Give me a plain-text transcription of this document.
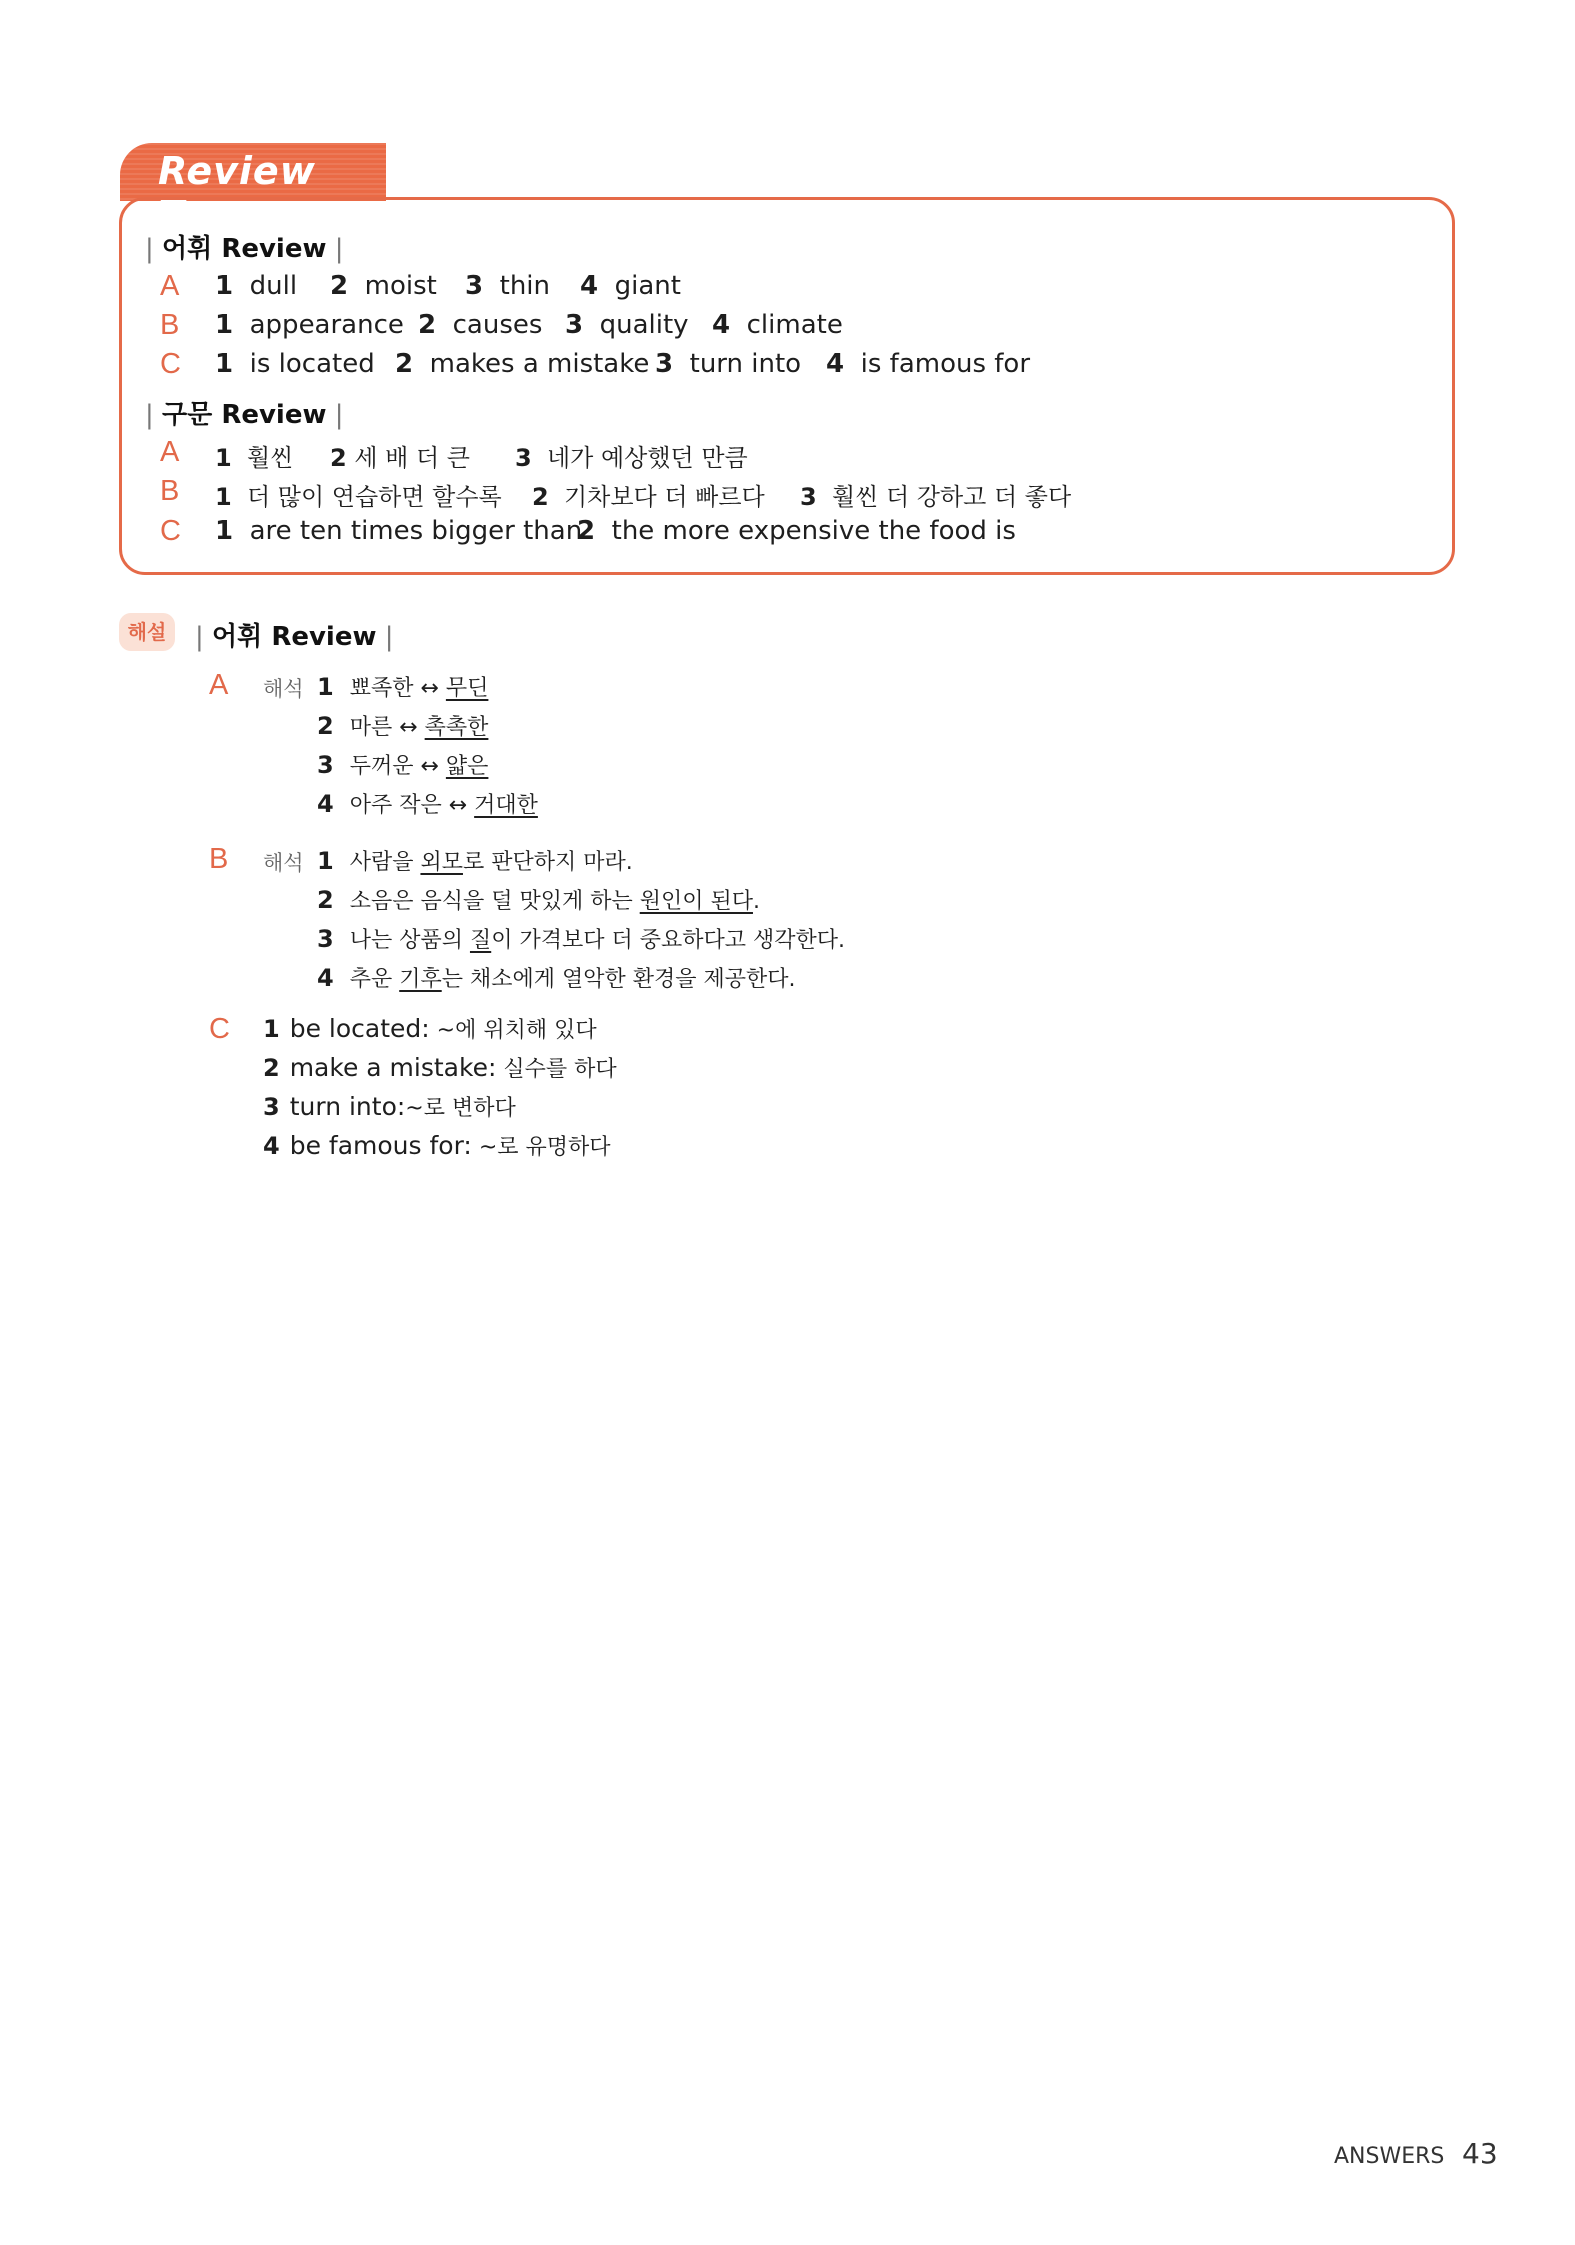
Review Test
| 어휘 Review |
A 1 dull 2 moist 3 thin 4 giant
B 1 appearance 2 causes 3 quality 4 climate
C 1 is located 2 makes a mistake 3 turn into 4 is famous for
| 구문 Review |
A 1 훨씬 2 세 배 더 큰 3 네가 예상했던 만큼
B 1 더 많이 연습하면 할수록 2 기차보다 더 빠르다 3 훨씬 더 강하고 더 좋다
C 1 are ten times bigger than
2 the more expensive the food is
해설	| 어휘 Review |
A 해석 1 뾰족한 ↔ 무딘
2 마른 ↔ 촉촉한
3 두꺼운 ↔ 얇은
4 아주 작은 ↔ 거대한
B 해석 1 사람을 외모로 판단하지 마라.
2 소음은 음식을 덜 맛있게 하는 원인이 된다.
3 나는 상품의 질이 가격보다 더 중요하다고 생각한다.
4 추운 기후는 채소에게 열악한 환경을 제공한다.
C 1 be located: ~에 위치해 있다
2 make a mistake: 실수를 하다
3 turn into:~로 변하다
4 be famous for: ~로 유명하다
ANSWERS 43
